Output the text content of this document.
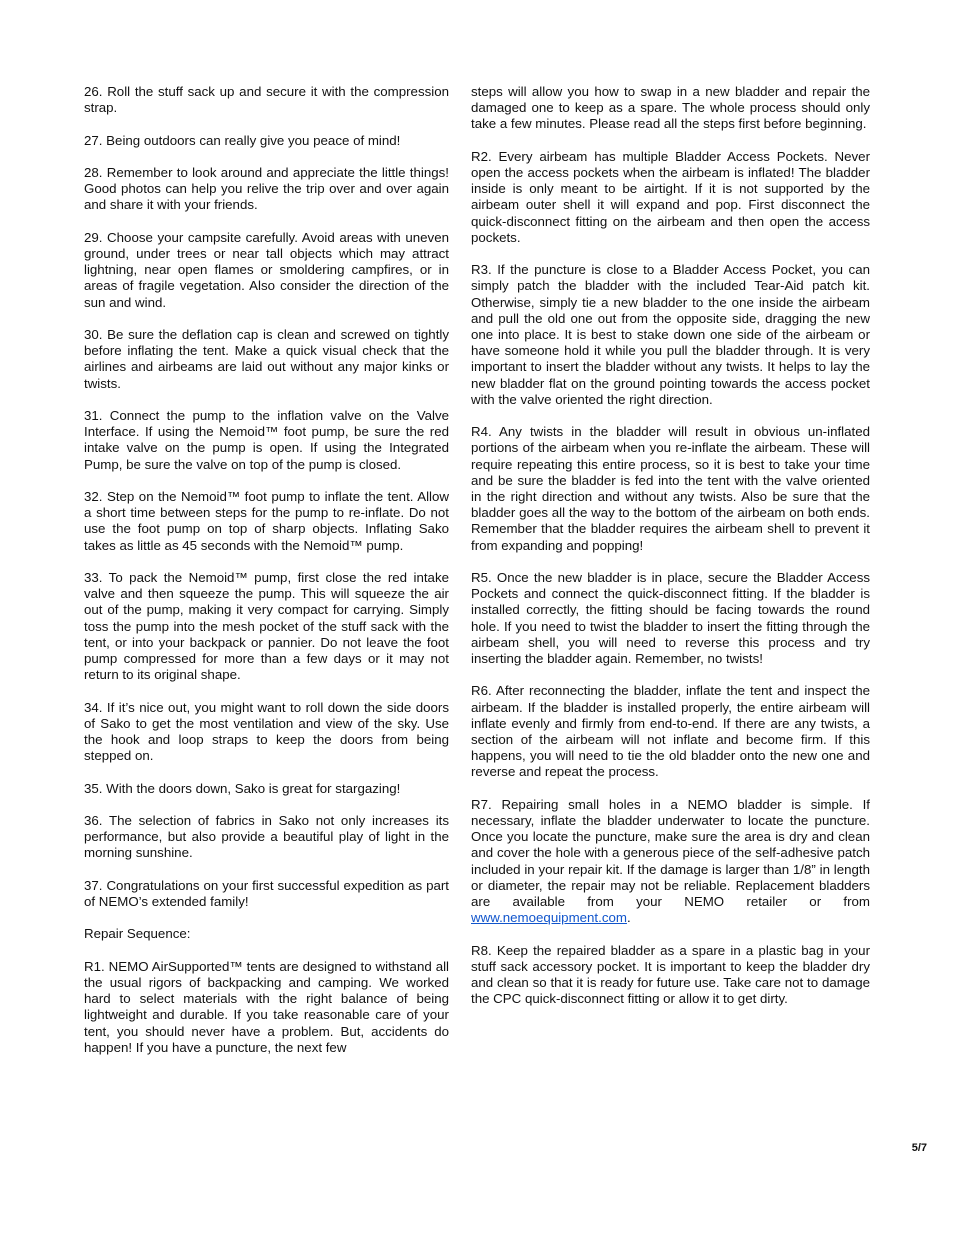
26. Roll the stuff sack up and secure it with the compression strap.

27. Being outdoors can really give you peace of mind!

28. Remember to look around and appreciate the little things! Good photos can help you relive the trip over and over again and share it with your friends.

29. Choose your campsite carefully. Avoid areas with uneven ground, under trees or near tall objects which may attract lightning, near open flames or smoldering campfires, or in areas of fragile vegetation. Also consider the direction of the sun and wind.

30. Be sure the deflation cap is clean and screwed on tightly before inflating the tent. Make a quick visual check that the airlines and airbeams are laid out without any major kinks or twists.

31. Connect the pump to the inflation valve on the Valve Interface. If using the Nemoid™ foot pump, be sure the red intake valve on the pump is open. If using the Integrated Pump, be sure the valve on top of the pump is closed.

32. Step on the Nemoid™ foot pump to inflate the tent. Allow a short time between steps for the pump to re-inflate. Do not use the foot pump on top of sharp objects. Inflating Sako takes as little as 45 seconds with the Nemoid™ pump.

33. To pack the Nemoid™ pump, first close the red intake valve and then squeeze the pump. This will squeeze the air out of the pump, making it very compact for carrying. Simply toss the pump into the mesh pocket of the stuff sack with the tent, or into your backpack or pannier. Do not leave the foot pump compressed for more than a few days or it may not return to its original shape.

34. If it’s nice out, you might want to roll down the side doors of Sako to get the most ventilation and view of the sky. Use the hook and loop straps to keep the doors from being stepped on.

35. With the doors down, Sako is great for stargazing!

36. The selection of fabrics in Sako not only increases its performance, but also provide a beautiful play of light in the morning sunshine.

37. Congratulations on your first successful expedition as part of NEMO’s extended family!

Repair Sequence:

R1. NEMO AirSupported™ tents are designed to withstand all the usual rigors of backpacking and camping. We worked hard to select materials with the right balance of being lightweight and durable. If you take reasonable care of your tent, you should never have a problem. But, accidents do happen! If you have a puncture, the next few

steps will allow you how to swap in a new bladder and repair the damaged one to keep as a spare. The whole process should only take a few minutes. Please read all the steps first before beginning.

R2. Every airbeam has multiple Bladder Access Pockets. Never open the access pockets when the airbeam is inflated! The bladder inside is only meant to be airtight. If it is not supported by the airbeam outer shell it will expand and pop. First disconnect the quick-disconnect fitting on the airbeam and then open the access pockets.

R3. If the puncture is close to a Bladder Access Pocket, you can simply patch the bladder with the included Tear-Aid patch kit. Otherwise, simply tie a new bladder to the one inside the airbeam and pull the old one out from the opposite side, dragging the new one into place. It is best to stake down one side of the airbeam or have someone hold it while you pull the bladder through. It is very important to insert the bladder without any twists. It helps to lay the new bladder flat on the ground pointing towards the access pocket with the valve oriented the right direction.

R4. Any twists in the bladder will result in obvious un-inflated portions of the airbeam when you re-inflate the airbeam. These will require repeating this entire process, so it is best to take your time and be sure the bladder is fed into the tent with the valve oriented in the right direction and without any twists. Also be sure that the bladder goes all the way to the bottom of the airbeam on both ends. Remember that the bladder requires the airbeam shell to prevent it from expanding and popping!

R5. Once the new bladder is in place, secure the Bladder Access Pockets and connect the quick-disconnect fitting. If the bladder is installed correctly, the fitting should be facing towards the round hole. If you need to twist the bladder to insert the fitting through the airbeam shell, you will need to reverse this process and try inserting the bladder again. Remember, no twists!

R6. After reconnecting the bladder, inflate the tent and inspect the airbeam. If the bladder is installed properly, the entire airbeam will inflate evenly and firmly from end-to-end. If there are any twists, a section of the airbeam will not inflate and become firm. If this happens, you will need to tie the old bladder onto the new one and reverse and repeat the process.

R7. Repairing small holes in a NEMO bladder is simple. If necessary, inflate the bladder underwater to locate the puncture. Once you locate the puncture, make sure the area is dry and clean and cover the hole with a generous piece of the self-adhesive patch included in your repair kit. If the damage is larger than 1/8” in length or diameter, the repair may not be reliable. Replacement bladders are available from your NEMO retailer or from www.nemoequipment.com.

R8. Keep the repaired bladder as a spare in a plastic bag in your stuff sack accessory pocket. It is important to keep the bladder dry and clean so that it is ready for future use. Take care not to damage the CPC quick-disconnect fitting or allow it to get dirty.

5/7
